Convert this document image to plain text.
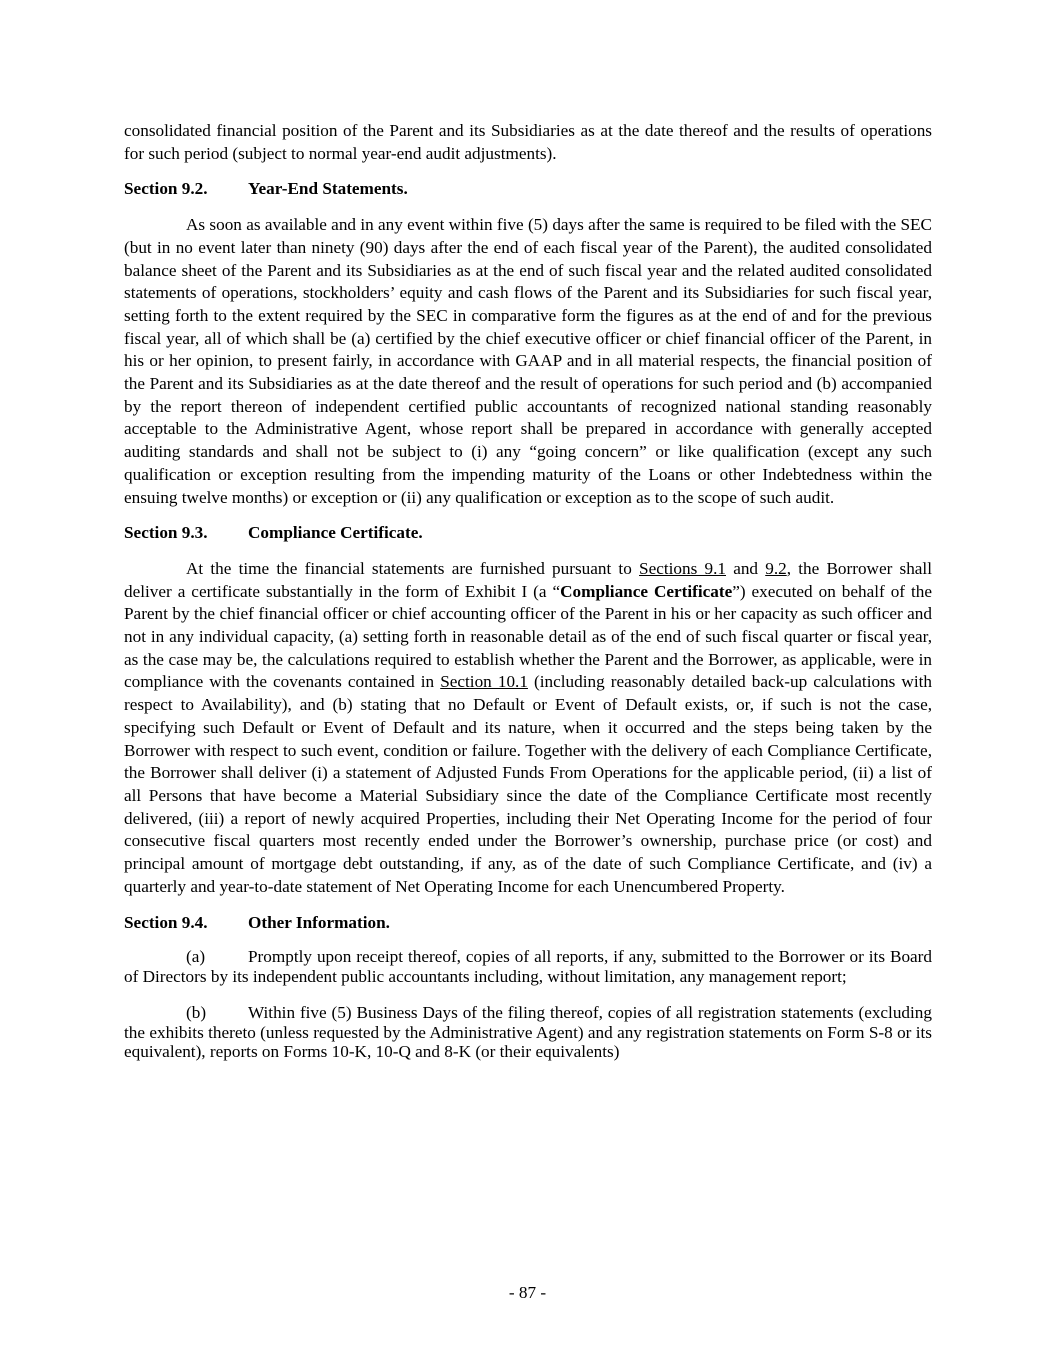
consolidated financial position of the Parent and its Subsidiaries as at the date thereof and the results of operations for such period (subject to normal year-end audit adjustments).

Section 9.2. Year-End Statements.

As soon as available and in any event within five (5) days after the same is required to be filed with the SEC (but in no event later than ninety (90) days after the end of each fiscal year of the Parent), the audited consolidated balance sheet of the Parent and its Subsidiaries as at the end of such fiscal year and the related audited consolidated statements of operations, stockholders’ equity and cash flows of the Parent and its Subsidiaries for such fiscal year, setting forth to the extent required by the SEC in comparative form the figures as at the end of and for the previous fiscal year, all of which shall be (a) certified by the chief executive officer or chief financial officer of the Parent, in his or her opinion, to present fairly, in accordance with GAAP and in all material respects, the financial position of the Parent and its Subsidiaries as at the date thereof and the result of operations for such period and (b) accompanied by the report thereon of independent certified public accountants of recognized national standing reasonably acceptable to the Administrative Agent, whose report shall be prepared in accordance with generally accepted auditing standards and shall not be subject to (i) any “going concern” or like qualification (except any such qualification or exception resulting from the impending maturity of the Loans or other Indebtedness within the ensuing twelve months) or exception or (ii) any qualification or exception as to the scope of such audit.

Section 9.3. Compliance Certificate.

At the time the financial statements are furnished pursuant to Sections 9.1 and 9.2, the Borrower shall deliver a certificate substantially in the form of Exhibit I (a “Compliance Certificate”) executed on behalf of the Parent by the chief financial officer or chief accounting officer of the Parent in his or her capacity as such officer and not in any individual capacity, (a) setting forth in reasonable detail as of the end of such fiscal quarter or fiscal year, as the case may be, the calculations required to establish whether the Parent and the Borrower, as applicable, were in compliance with the covenants contained in Section 10.1 (including reasonably detailed back-up calculations with respect to Availability), and (b) stating that no Default or Event of Default exists, or, if such is not the case, specifying such Default or Event of Default and its nature, when it occurred and the steps being taken by the Borrower with respect to such event, condition or failure. Together with the delivery of each Compliance Certificate, the Borrower shall deliver (i) a statement of Adjusted Funds From Operations for the applicable period, (ii) a list of all Persons that have become a Material Subsidiary since the date of the Compliance Certificate most recently delivered, (iii) a report of newly acquired Properties, including their Net Operating Income for the period of four consecutive fiscal quarters most recently ended under the Borrower’s ownership, purchase price (or cost) and principal amount of mortgage debt outstanding, if any, as of the date of such Compliance Certificate, and (iv) a quarterly and year-to-date statement of Net Operating Income for each Unencumbered Property.

Section 9.4. Other Information.

(a) Promptly upon receipt thereof, copies of all reports, if any, submitted to the Borrower or its Board of Directors by its independent public accountants including, without limitation, any management report;

(b) Within five (5) Business Days of the filing thereof, copies of all registration statements (excluding the exhibits thereto (unless requested by the Administrative Agent) and any registration statements on Form S-8 or its equivalent), reports on Forms 10-K, 10-Q and 8-K (or their equivalents)

- 87 -
